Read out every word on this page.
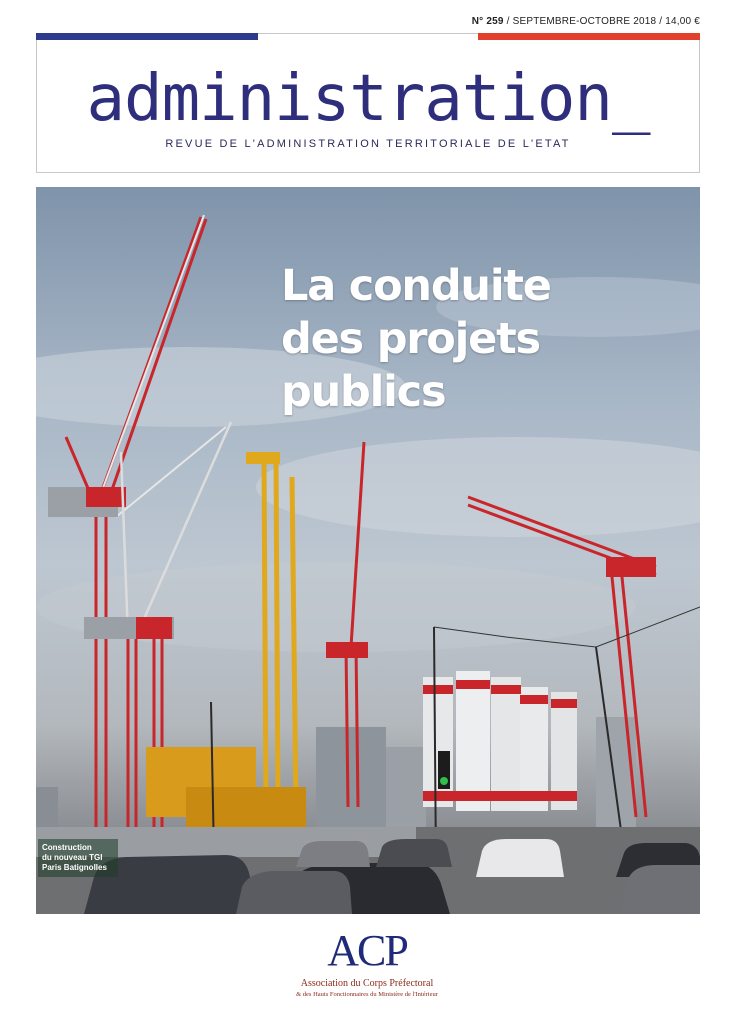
N° 259 / SEPTEMBRE-OCTOBRE 2018 / 14,00 €
administration_
REVUE DE L'ADMINISTRATION TERRITORIALE DE L'ETAT
La conduite
des projets publics
Construction
du nouveau TGI
Paris Batignolles
ACP
Association du Corps Préfectoral
& des Hauts Fonctionnaires du Ministère de l'Intérieur
